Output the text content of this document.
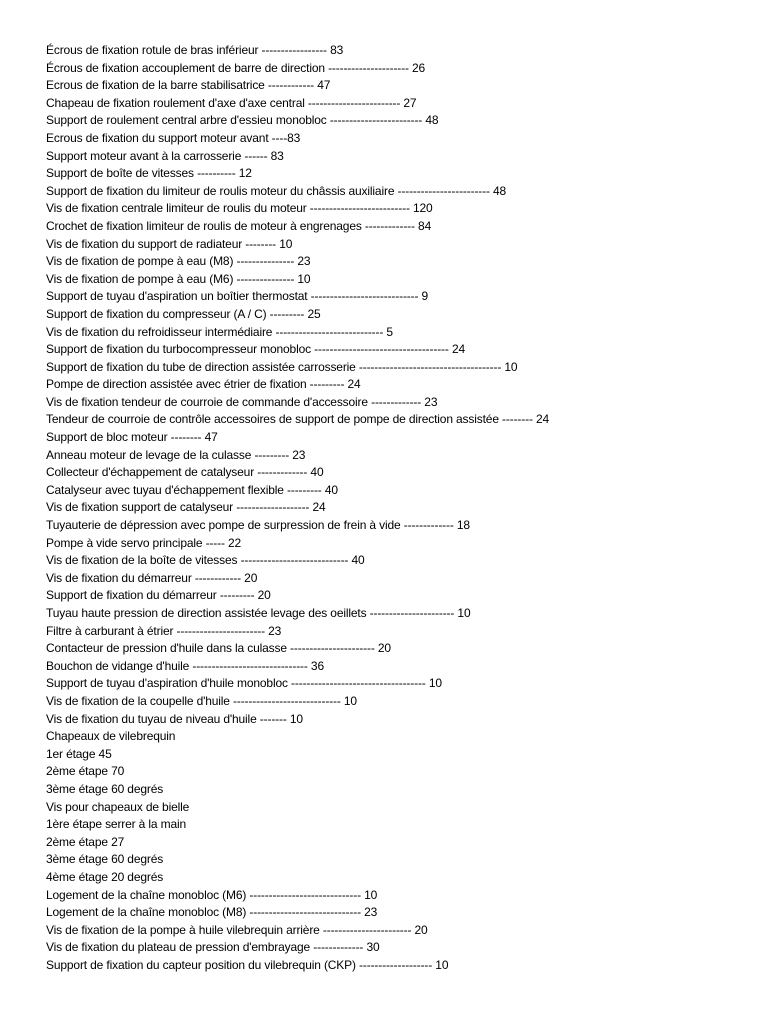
Écrous de fixation rotule de bras inférieur ----------------- 83
Écrous de fixation accouplement de barre de direction --------------------- 26
Ecrous de fixation de la barre stabilisatrice ------------ 47
Chapeau de fixation roulement d'axe d'axe central ------------------------ 27
Support de roulement central arbre d'essieu monobloc ------------------------ 48
Ecrous de fixation du support moteur avant ----83
Support moteur avant à la carrosserie ------ 83
Support de boîte de vitesses ---------- 12
Support de fixation du limiteur de roulis moteur du châssis auxiliaire ------------------------ 48
Vis de fixation centrale limiteur de roulis du moteur -------------------------- 120
Crochet de fixation limiteur de roulis de moteur à engrenages ------------- 84
Vis de fixation du support de radiateur -------- 10
Vis de fixation de pompe à eau (M8) --------------- 23
Vis de fixation de pompe à eau (M6) --------------- 10
Support de tuyau d'aspiration un boîtier thermostat ---------------------------- 9
Support de fixation du compresseur (A / C) --------- 25
Vis de fixation du refroidisseur intermédiaire ---------------------------- 5
Support de fixation du turbocompresseur monobloc ----------------------------------- 24
Support de fixation du tube de direction assistée carrosserie ------------------------------------- 10
Pompe de direction assistée avec étrier de fixation --------- 24
Vis de fixation tendeur de courroie de commande d'accessoire ------------- 23
Tendeur de courroie de contrôle accessoires de support de pompe de direction assistée -------- 24
Support de bloc moteur -------- 47
Anneau moteur de levage de la culasse --------- 23
Collecteur d'échappement de catalyseur ------------- 40
Catalyseur avec tuyau d'échappement flexible --------- 40
Vis de fixation support de catalyseur ------------------- 24
Tuyauterie de dépression avec pompe de surpression de frein à vide ------------- 18
Pompe à vide servo principale ----- 22
Vis de fixation de la boîte de vitesses ---------------------------- 40
Vis de fixation du démarreur ------------ 20
Support de fixation du démarreur --------- 20
Tuyau haute pression de direction assistée levage des oeillets ---------------------- 10
Filtre à carburant à étrier ----------------------- 23
Contacteur de pression d'huile dans la culasse ---------------------- 20
Bouchon de vidange d'huile ------------------------------ 36
Support de tuyau d'aspiration d'huile monobloc ----------------------------------- 10
Vis de fixation de la coupelle d'huile ---------------------------- 10
Vis de fixation du tuyau de niveau d'huile ------- 10
Chapeaux de vilebrequin
1er étage 45
2ème étape 70
3ème étage 60 degrés
Vis pour chapeaux de bielle
1ère étape serrer à la main
2ème étape 27
3ème étage 60 degrés
4ème étage 20 degrés
Logement de la chaîne monobloc (M6) ----------------------------- 10
Logement de la chaîne monobloc (M8) ----------------------------- 23
Vis de fixation de la pompe à huile vilebrequin arrière ----------------------- 20
Vis de fixation du plateau de pression d'embrayage ------------- 30
Support de fixation du capteur position du vilebrequin (CKP) ------------------- 10
